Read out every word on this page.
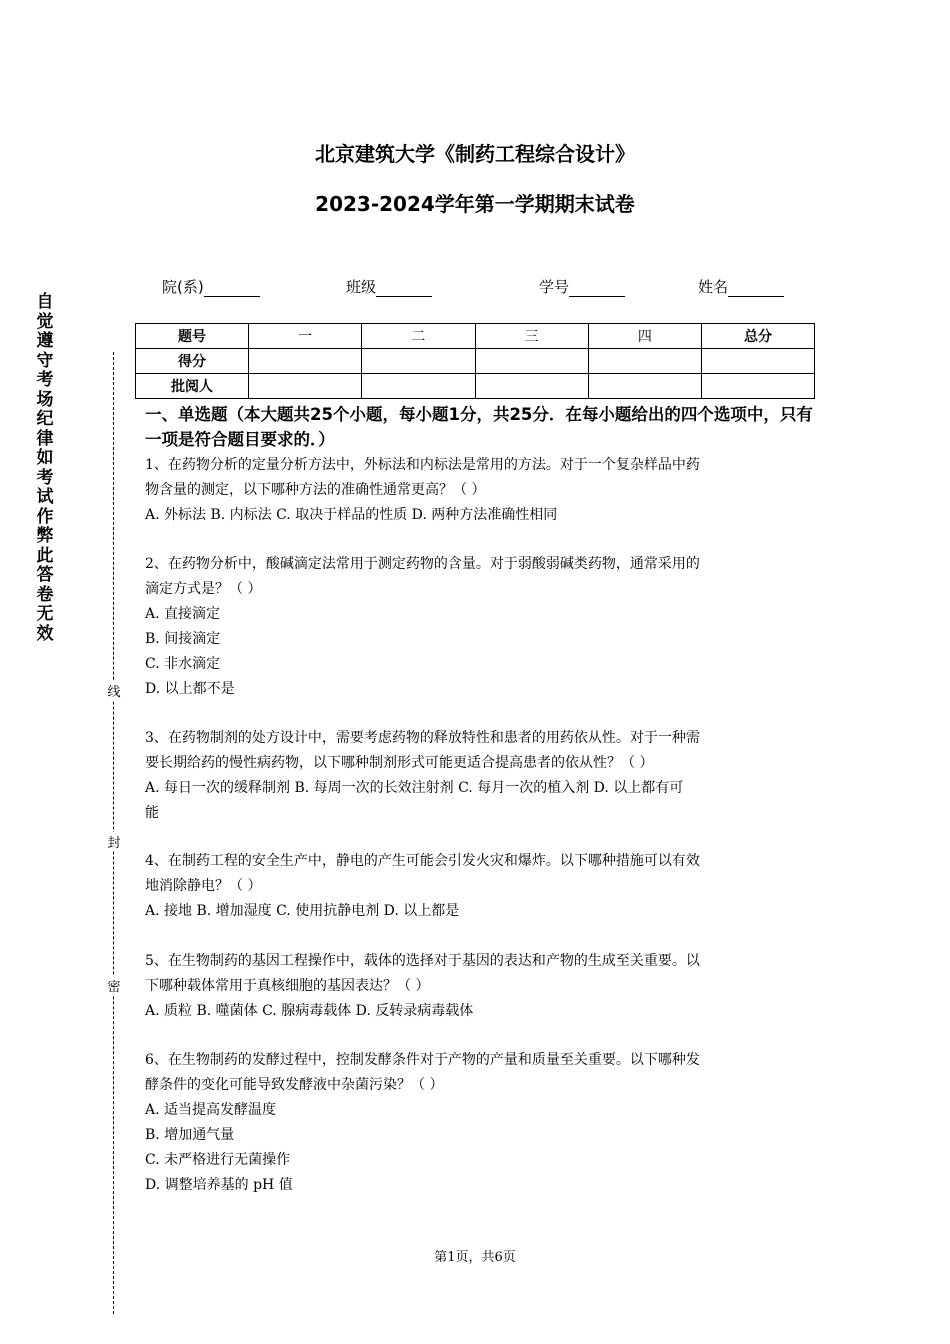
自觉遵守考场纪律如考试作弊此答卷无效
线
封
密
北京建筑大学《制药工程综合设计》
2023-2024学年第一学期期末试卷
院(系)	班级	学号	姓名
题号	一	二	三	四	总分
得分					
批阅人					
一、单选题（本大题共25个小题，每小题1分，共25分．在每小题给出的四个选项中，只有一项是符合题目要求的．）
1、在药物分析的定量分析方法中，外标法和内标法是常用的方法。对于一个复杂样品中药
物含量的测定，以下哪种方法的准确性通常更高？（ ）
A. 外标法 B. 内标法 C. 取决于样品的性质 D. 两种方法准确性相同
2、在药物分析中，酸碱滴定法常用于测定药物的含量。对于弱酸弱碱类药物，通常采用的
滴定方式是？（ ）
A. 直接滴定
B. 间接滴定
C. 非水滴定
D. 以上都不是
3、在药物制剂的处方设计中，需要考虑药物的释放特性和患者的用药依从性。对于一种需
要长期给药的慢性病药物，以下哪种制剂形式可能更适合提高患者的依从性？（ ）
A. 每日一次的缓释制剂 B. 每周一次的长效注射剂 C. 每月一次的植入剂 D. 以上都有可
能
4、在制药工程的安全生产中，静电的产生可能会引发火灾和爆炸。以下哪种措施可以有效
地消除静电？（ ）
A. 接地 B. 增加湿度 C. 使用抗静电剂 D. 以上都是
5、在生物制药的基因工程操作中，载体的选择对于基因的表达和产物的生成至关重要。以
下哪种载体常用于真核细胞的基因表达？（ ）
A. 质粒 B. 噬菌体 C. 腺病毒载体 D. 反转录病毒载体
6、在生物制药的发酵过程中，控制发酵条件对于产物的产量和质量至关重要。以下哪种发
酵条件的变化可能导致发酵液中杂菌污染？（ ）
A. 适当提高发酵温度
B. 增加通气量
C. 未严格进行无菌操作
D. 调整培养基的 pH 值
第1页，共6页
